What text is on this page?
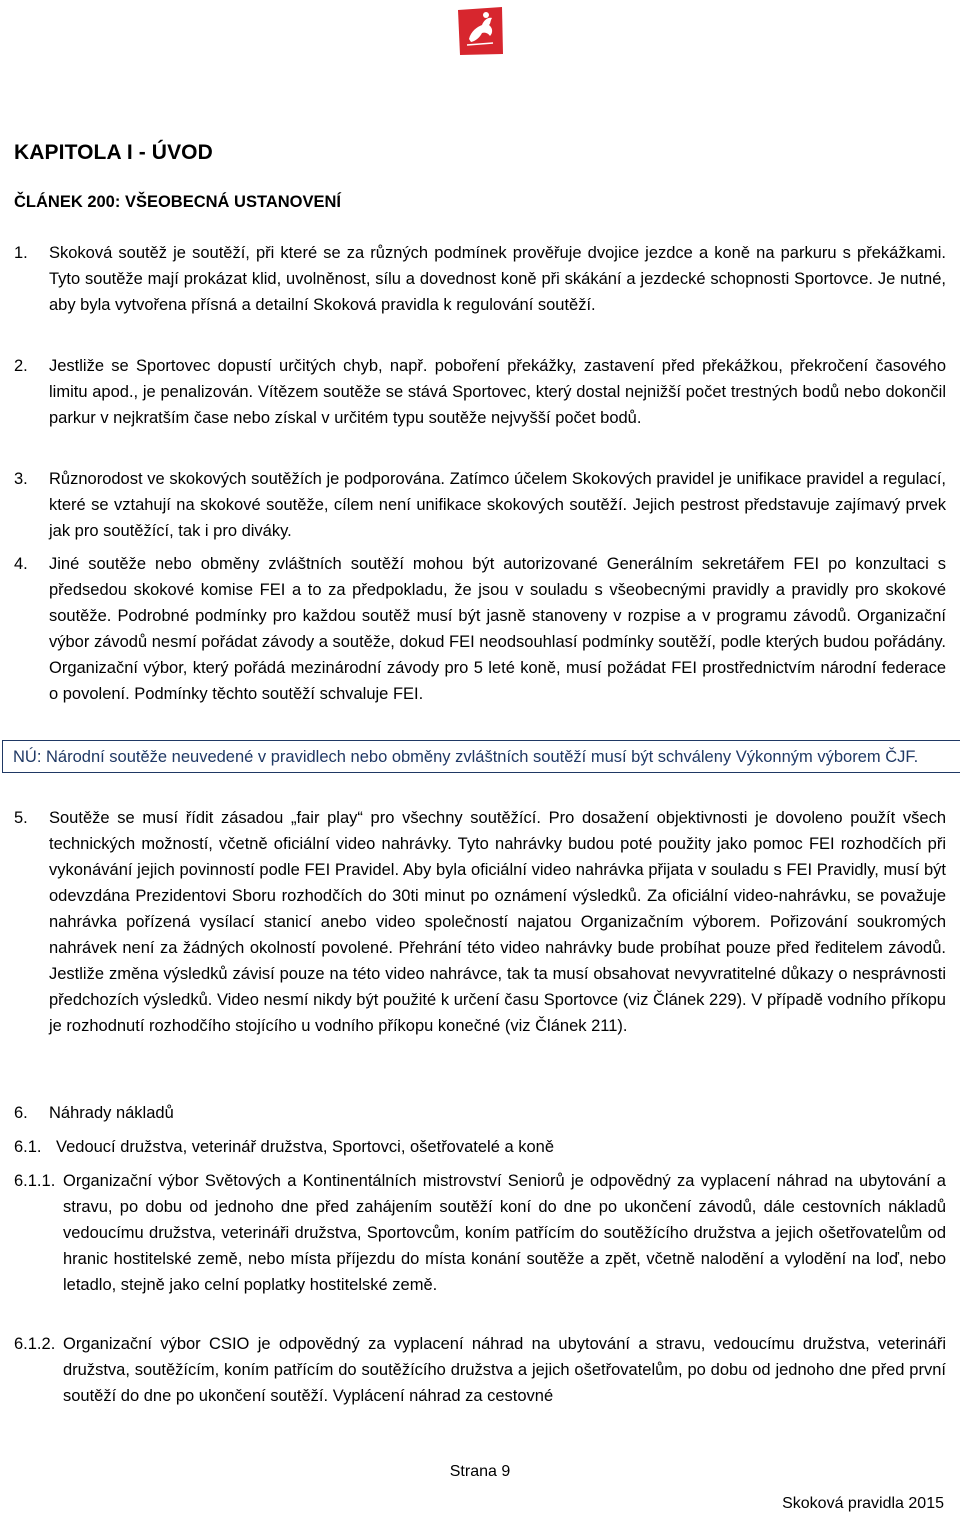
KAPITOLA I - ÚVOD
ČLÁNEK 200: VŠEOBECNÁ USTANOVENÍ
1. Skoková soutěž je soutěží, při které se za různých podmínek prověřuje dvojice jezdce a koně na parkuru s překážkami. Tyto soutěže mají prokázat klid, uvolněnost, sílu a dovednost koně při skákání a jezdecké schopnosti Sportovce. Je nutné, aby byla vytvořena přísná a detailní Skoková pravidla k regulování soutěží.

2. Jestliže se Sportovec dopustí určitých chyb, např. poboření překážky, zastavení před překážkou, překročení časového limitu apod., je penalizován. Vítězem soutěže se stává Sportovec, který dostal nejnižší počet trestných bodů nebo dokončil parkur v nejkratším čase nebo získal v určitém typu soutěže nejvyšší počet bodů.

3. Různorodost ve skokových soutěžích je podporována. Zatímco účelem Skokových pravidel je unifikace pravidel a regulací, které se vztahují na skokové soutěže, cílem není unifikace skokových soutěží. Jejich pestrost představuje zajímavý prvek jak pro soutěžící, tak i pro diváky.

4. Jiné soutěže nebo obměny zvláštních soutěží mohou být autorizované Generálním sekretářem FEI po konzultaci s předsedou skokové komise FEI a to za předpokladu, že jsou v souladu s všeobecnými pravidly a pravidly pro skokové soutěže. Podrobné podmínky pro každou soutěž musí být jasně stanoveny v rozpise a v programu závodů. Organizační výbor závodů nesmí pořádat závody a soutěže, dokud FEI neodsouhlasí podmínky soutěží, podle kterých budou pořádány. Organizační výbor, který pořádá mezinárodní závody pro 5 leté koně, musí požádat FEI prostřednictvím národní federace o povolení. Podmínky těchto soutěží schvaluje FEI.

NÚ: Národní soutěže neuvedené v pravidlech nebo obměny zvláštních soutěží musí být schváleny Výkonným výborem ČJF.
5. Soutěže se musí řídit zásadou „fair play“ pro všechny soutěžící. Pro dosažení objektivnosti je dovoleno použít všech technických možností, včetně oficiální video nahrávky. Tyto nahrávky budou poté použity jako pomoc FEI rozhodčích při vykonávání jejich povinností podle FEI Pravidel. Aby byla oficiální video nahrávka přijata v souladu s FEI Pravidly, musí být odevzdána Prezidentovi Sboru rozhodčích do 30ti minut po oznámení výsledků. Za oficiální video-nahrávku, se považuje nahrávka pořízená vysílací stanicí anebo video společností najatou Organizačním výborem. Pořizování soukromých nahrávek není za žádných okolností povolené. Přehrání této video nahrávky bude probíhat pouze před ředitelem závodů. Jestliže změna výsledků závisí pouze na této video nahrávce, tak ta musí obsahovat nevyvratitelné důkazy o nesprávnosti předchozích výsledků. Video nesmí nikdy být použité k určení času Sportovce (viz Článek 229). V případě vodního příkopu je rozhodnutí rozhodčího stojícího u vodního příkopu konečné (viz Článek 211).

6. Náhrady nákladů

6.1. Vedoucí družstva, veterinář družstva, Sportovci, ošetřovatelé a koně

6.1.1. Organizační výbor Světových a Kontinentálních mistrovství Seniorů je odpovědný za vyplacení náhrad na ubytování a stravu, po dobu od jednoho dne před zahájením soutěží koní do dne po ukončení závodů, dále cestovních nákladů vedoucímu družstva, veterináři družstva, Sportovcům, koním patřícím do soutěžícího družstva a jejich ošetřovatelům od hranic hostitelské země, nebo místa příjezdu do místa konání soutěže a zpět, včetně nalodění a vylodění na loď, nebo letadlo, stejně jako celní poplatky hostitelské země.

6.1.2. Organizační výbor CSIO je odpovědný za vyplacení náhrad na ubytování a stravu, vedoucímu družstva, veterináři družstva, soutěžícím, koním patřícím do soutěžícího družstva a jejich ošetřovatelům, po dobu od jednoho dne před první soutěží do dne po ukončení soutěží. Vyplácení náhrad za cestovné

Strana 9
Skoková pravidla 2015
